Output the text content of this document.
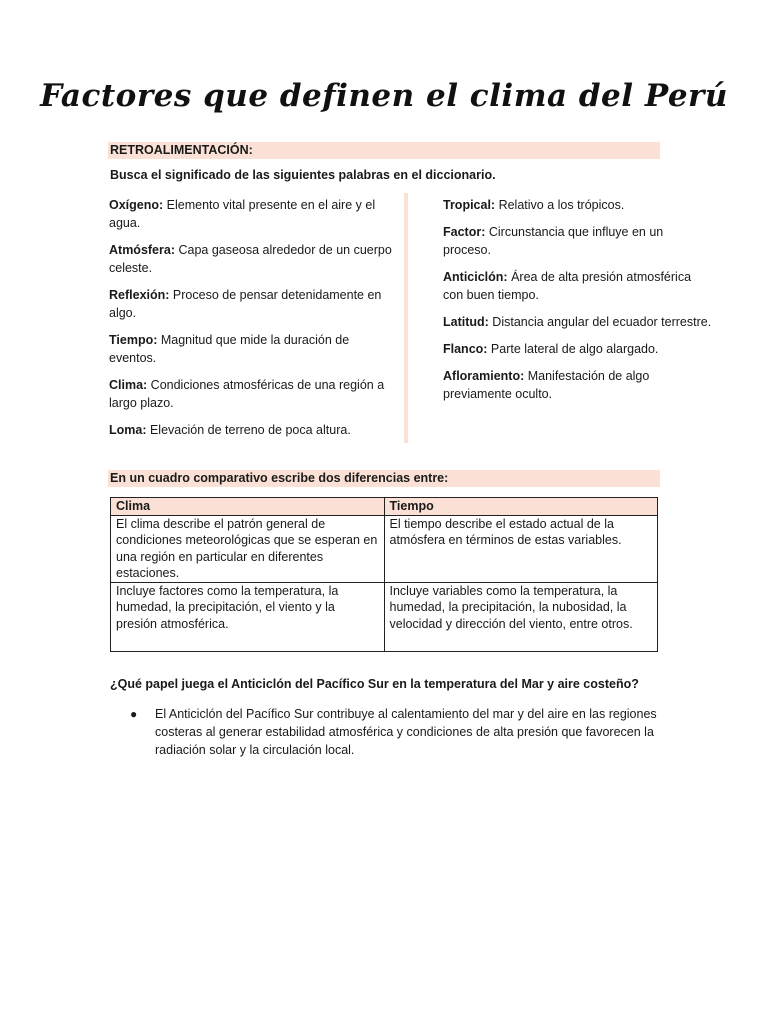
Factores que definen el clima del Perú
RETROALIMENTACIÓN:
Busca el significado de las siguientes palabras en el diccionario.

Oxígeno: Elemento vital presente en el aire y el agua.

Atmósfera: Capa gaseosa alrededor de un cuerpo celeste.

Reflexión: Proceso de pensar detenidamente en algo.

Tiempo: Magnitud que mide la duración de eventos.

Clima: Condiciones atmosféricas de una región a largo plazo.

Loma: Elevación de terreno de poca altura.

Tropical: Relativo a los trópicos.

Factor: Circunstancia que influye en un proceso.

Anticiclón: Área de alta presión atmosférica con buen tiempo.

Latitud: Distancia angular del ecuador terrestre.

Flanco: Parte lateral de algo alargado.

Afloramiento: Manifestación de algo previamente oculto.

En un cuadro comparativo escribe dos diferencias entre:
Clima	Tiempo
El clima describe el patrón general de condiciones meteorológicas que se esperan en una región en particular en diferentes estaciones.	El tiempo describe el estado actual de la atmósfera en términos de estas variables.
Incluye factores como la temperatura, la humedad, la precipitación, el viento y la presión atmosférica.	Incluye variables como la temperatura, la humedad, la precipitación, la nubosidad, la velocidad y dirección del viento, entre otros.
¿Qué papel juega el Anticiclón del Pacífico Sur en la temperatura del Mar y aire costeño?
● El Anticiclón del Pacífico Sur contribuye al calentamiento del mar y del aire en las regiones costeras al generar estabilidad atmosférica y condiciones de alta presión que favorecen la radiación solar y la circulación local.
